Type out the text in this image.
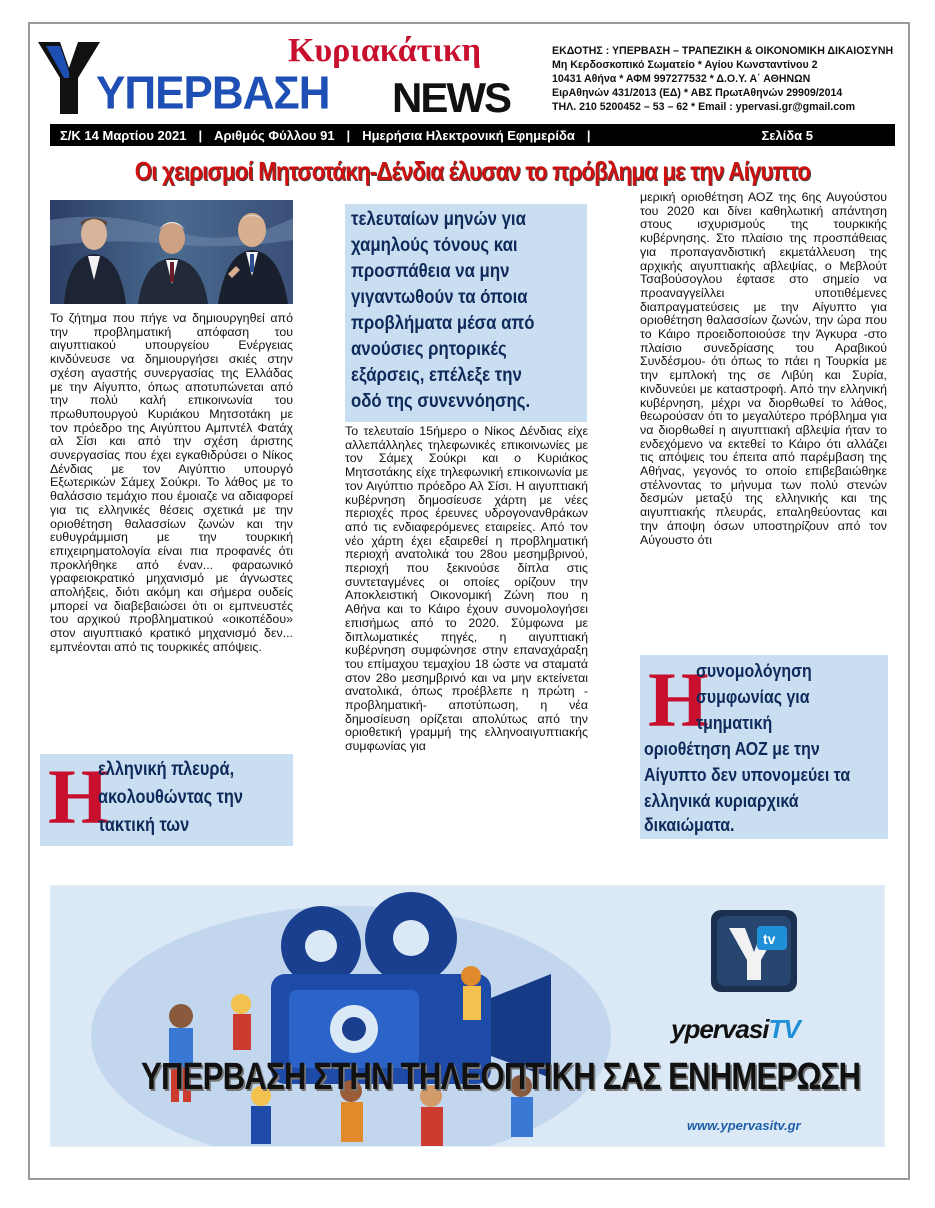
Κυριακάτικη
ΥΠΕΡΒΑΣΗ NEWS
ΕΚΔΟΤΗΣ : ΥΠΕΡΒΑΣΗ – ΤΡΑΠΕΖΙΚΗ & ΟΙΚΟΝΟΜΙΚΗ ΔΙΚΑΙΟΣΥΝΗ
Μη Κερδοσκοπικό Σωματείο * Αγίου Κωνσταντίνου 2
10431 Αθήνα * ΑΦΜ 997277532 * Δ.Ο.Υ. Α΄ ΑΘΗΝΩΝ
ΕιρΑθηνών 431/2013 (ΕΔ) * ΑΒΣ ΠρωτΑθηνών 29909/2014
ΤΗΛ. 210 5200452 – 53 – 62 * Email : ypervasi.gr@gmail.com
Σ/Κ 14 Μαρτίου 2021 | Αριθμός Φύλλου 91 | Ημερήσια Ηλεκτρονική Εφημερίδα |	Σελίδα 5
Οι χειρισμοί Μητσοτάκη-Δένδια έλυσαν το πρόβλημα με την Αίγυπτο
Το ζήτημα που πήγε να δημιουργηθεί από την προβληματική απόφαση του αιγυπτιακού υπουργείου Ενέργειας κινδύνευσε να δημιουργήσει σκιές στην σχέση αγαστής συνεργασίας της Ελλάδας με την Αίγυπτο, όπως αποτυπώνεται από την πολύ καλή επικοινωνία του πρωθυπουργού Κυριάκου Μητσοτάκη με τον πρόεδρο της Αιγύπτου Αμπντέλ Φατάχ αλ Σίσι και από την σχέση άριστης συνεργασίας που έχει εγκαθιδρύσει ο Νίκος Δένδιας με τον Αιγύπτιο υπουργό Εξωτερικών Σάμεχ Σούκρι. Το λάθος με το θαλάσσιο τεμάχιο που έμοιαζε να αδιαφορεί για τις ελληνικές θέσεις σχετικά με την οριοθέτηση θαλασσίων ζωνών και την ευθυγράμμιση με την τουρκική επιχειρηματολογία είναι πια προφανές ότι προκλήθηκε από έναν... φαραωνικό γραφειοκρατικό μηχανισμό με άγνωστες απολήξεις, διότι ακόμη και σήμερα ουδείς μπορεί να διαβεβαιώσει ότι οι εμπνευστές του αρχικού προβληματικού «οικοπέδου» στον αιγυπτιακό κρατικό μηχανισμό δεν... εμπνέονται από τις τουρκικές απόψεις.
Η
ελληνική πλευρά,
ακολουθώντας την
τακτική των
τελευταίων μηνών για
χαμηλούς τόνους και
προσπάθεια να μην
γιγαντωθούν τα όποια
προβλήματα μέσα από
ανούσιες ρητορικές
εξάρσεις, επέλεξε την
οδό της συνεννόησης.
Το τελευταίο 15ήμερο ο Νίκος Δένδιας είχε αλλεπάλληλες τηλεφωνικές επικοινωνίες με τον Σάμεχ Σούκρι και ο Κυριάκος Μητσοτάκης είχε τηλεφωνική επικοινωνία με τον Αιγύπτιο πρόεδρο Αλ Σίσι. Η αιγυπτιακή κυβέρνηση δημοσίευσε χάρτη με νέες περιοχές προς έρευνες υδρογονανθράκων από τις ενδιαφερόμενες εταιρείες. Από τον νέο χάρτη έχει εξαιρεθεί η προβληματική περιοχή ανατολικά του 28ου μεσημβρινού, περιοχή που ξεκινούσε δίπλα στις συντεταγμένες οι οποίες ορίζουν την Αποκλειστική Οικονομική Ζώνη που η Αθήνα και το Κάιρο έχουν συνομολογήσει επισήμως από το 2020. Σύμφωνα με διπλωματικές πηγές, η αιγυπτιακή κυβέρνηση συμφώνησε στην επαναχάραξη του επίμαχου τεμαχίου 18 ώστε να σταματά στον 28ο μεσημβρινό και να μην εκτείνεται ανατολικά, όπως προέβλεπε η πρώτη - προβληματική- αποτύπωση, η νέα δημοσίευση ορίζεται απολύτως από την οριοθετική γραμμή της ελληνοαιγυπτιακής συμφωνίας για
μερική οριοθέτηση ΑΟΖ της 6ης Αυγούστου του 2020 και δίνει καθηλωτική απάντηση στους ισχυρισμούς της τουρκικής κυβέρνησης. Στο πλαίσιο της προσπάθειας για προπαγανδιστική εκμετάλλευση της αρχικής αιγυπτιακής αβλεψίας, ο Μεβλούτ Τσαβούσογλου έφτασε στο σημείο να προαναγγείλλει υποτιθέμενες διαπραγματεύσεις με την Αίγυπτο για οριοθέτηση θαλασσίων ζωνών, την ώρα που το Κάιρο προειδοποιούσε την Άγκυρα -στο πλαίσιο συνεδρίασης του Αραβικού Συνδέσμου- ότι όπως το πάει η Τουρκία με την εμπλοκή της σε Λιβύη και Συρία, κινδυνεύει με καταστροφή. Από την ελληνική κυβέρνηση, μέχρι να διορθωθεί το λάθος, θεωρούσαν ότι το μεγαλύτερο πρόβλημα για να διορθωθεί η αιγυπτιακή αβλεψία ήταν το ενδεχόμενο να εκτεθεί το Κάιρο ότι αλλάζει τις απόψεις του έπειτα από παρέμβαση της Αθήνας, γεγονός το οποίο επιβεβαιώθηκε στέλνοντας το μήνυμα των πολύ στενών δεσμών μεταξύ της ελληνικής και της αιγυπτιακής πλευράς, επαληθεύοντας και την άποψη όσων υποστηρίζουν από τον Αύγουστο ότι
Η
συνομολόγηση
συμφωνίας για
τμηματική
οριοθέτηση ΑΟΖ με την
Αίγυπτο δεν υπονομεύει τα
ελληνικά κυριαρχικά
δικαιώματα.
tv
ypervasiTV
ΥΠΕΡΒΑΣΗ ΣΤΗΝ ΤΗΛΕΟΠΤΙΚΗ ΣΑΣ ΕΝΗΜΕΡΩΣΗ
www.ypervasitv.gr
